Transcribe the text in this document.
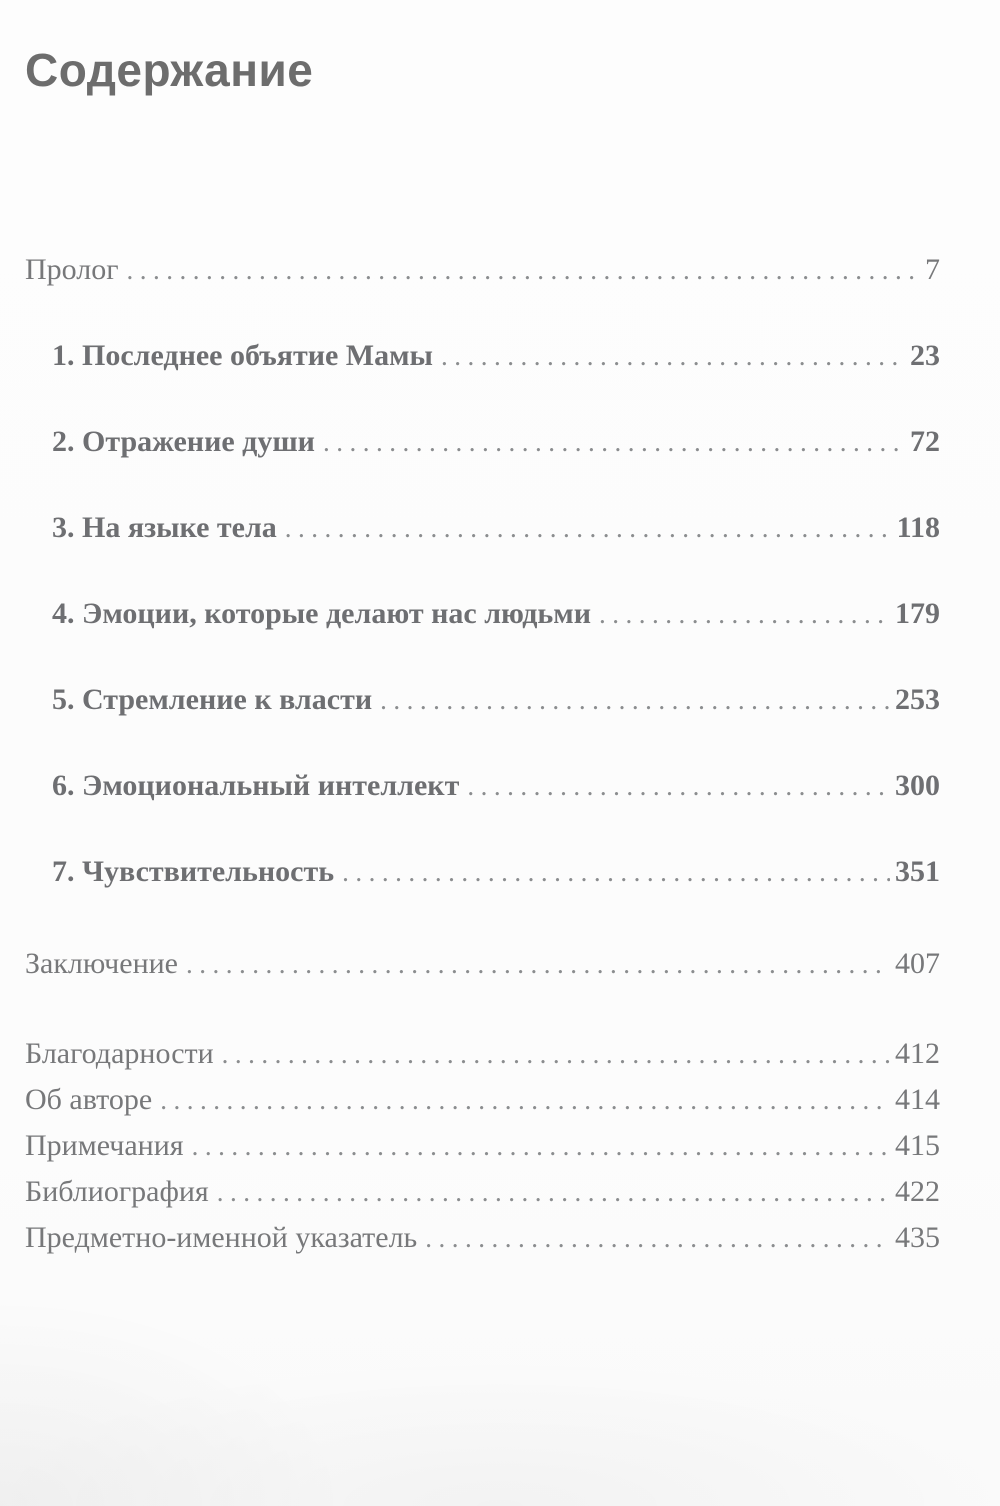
Содержание
Пролог .....	7
1. Последнее объятие Мамы .....	23
2. Отражение души .....	72
3. На языке тела .....	118
4. Эмоции, которые делают нас людьми .....	179
5. Стремление к власти .....	253
6. Эмоциональный интеллект .....	300
7. Чувствительность .....	351
Заключение .....	407
Благодарности .....	412
Об авторе .....	414
Примечания .....	415
Библиография .....	422
Предметно-именной указатель .....	435
